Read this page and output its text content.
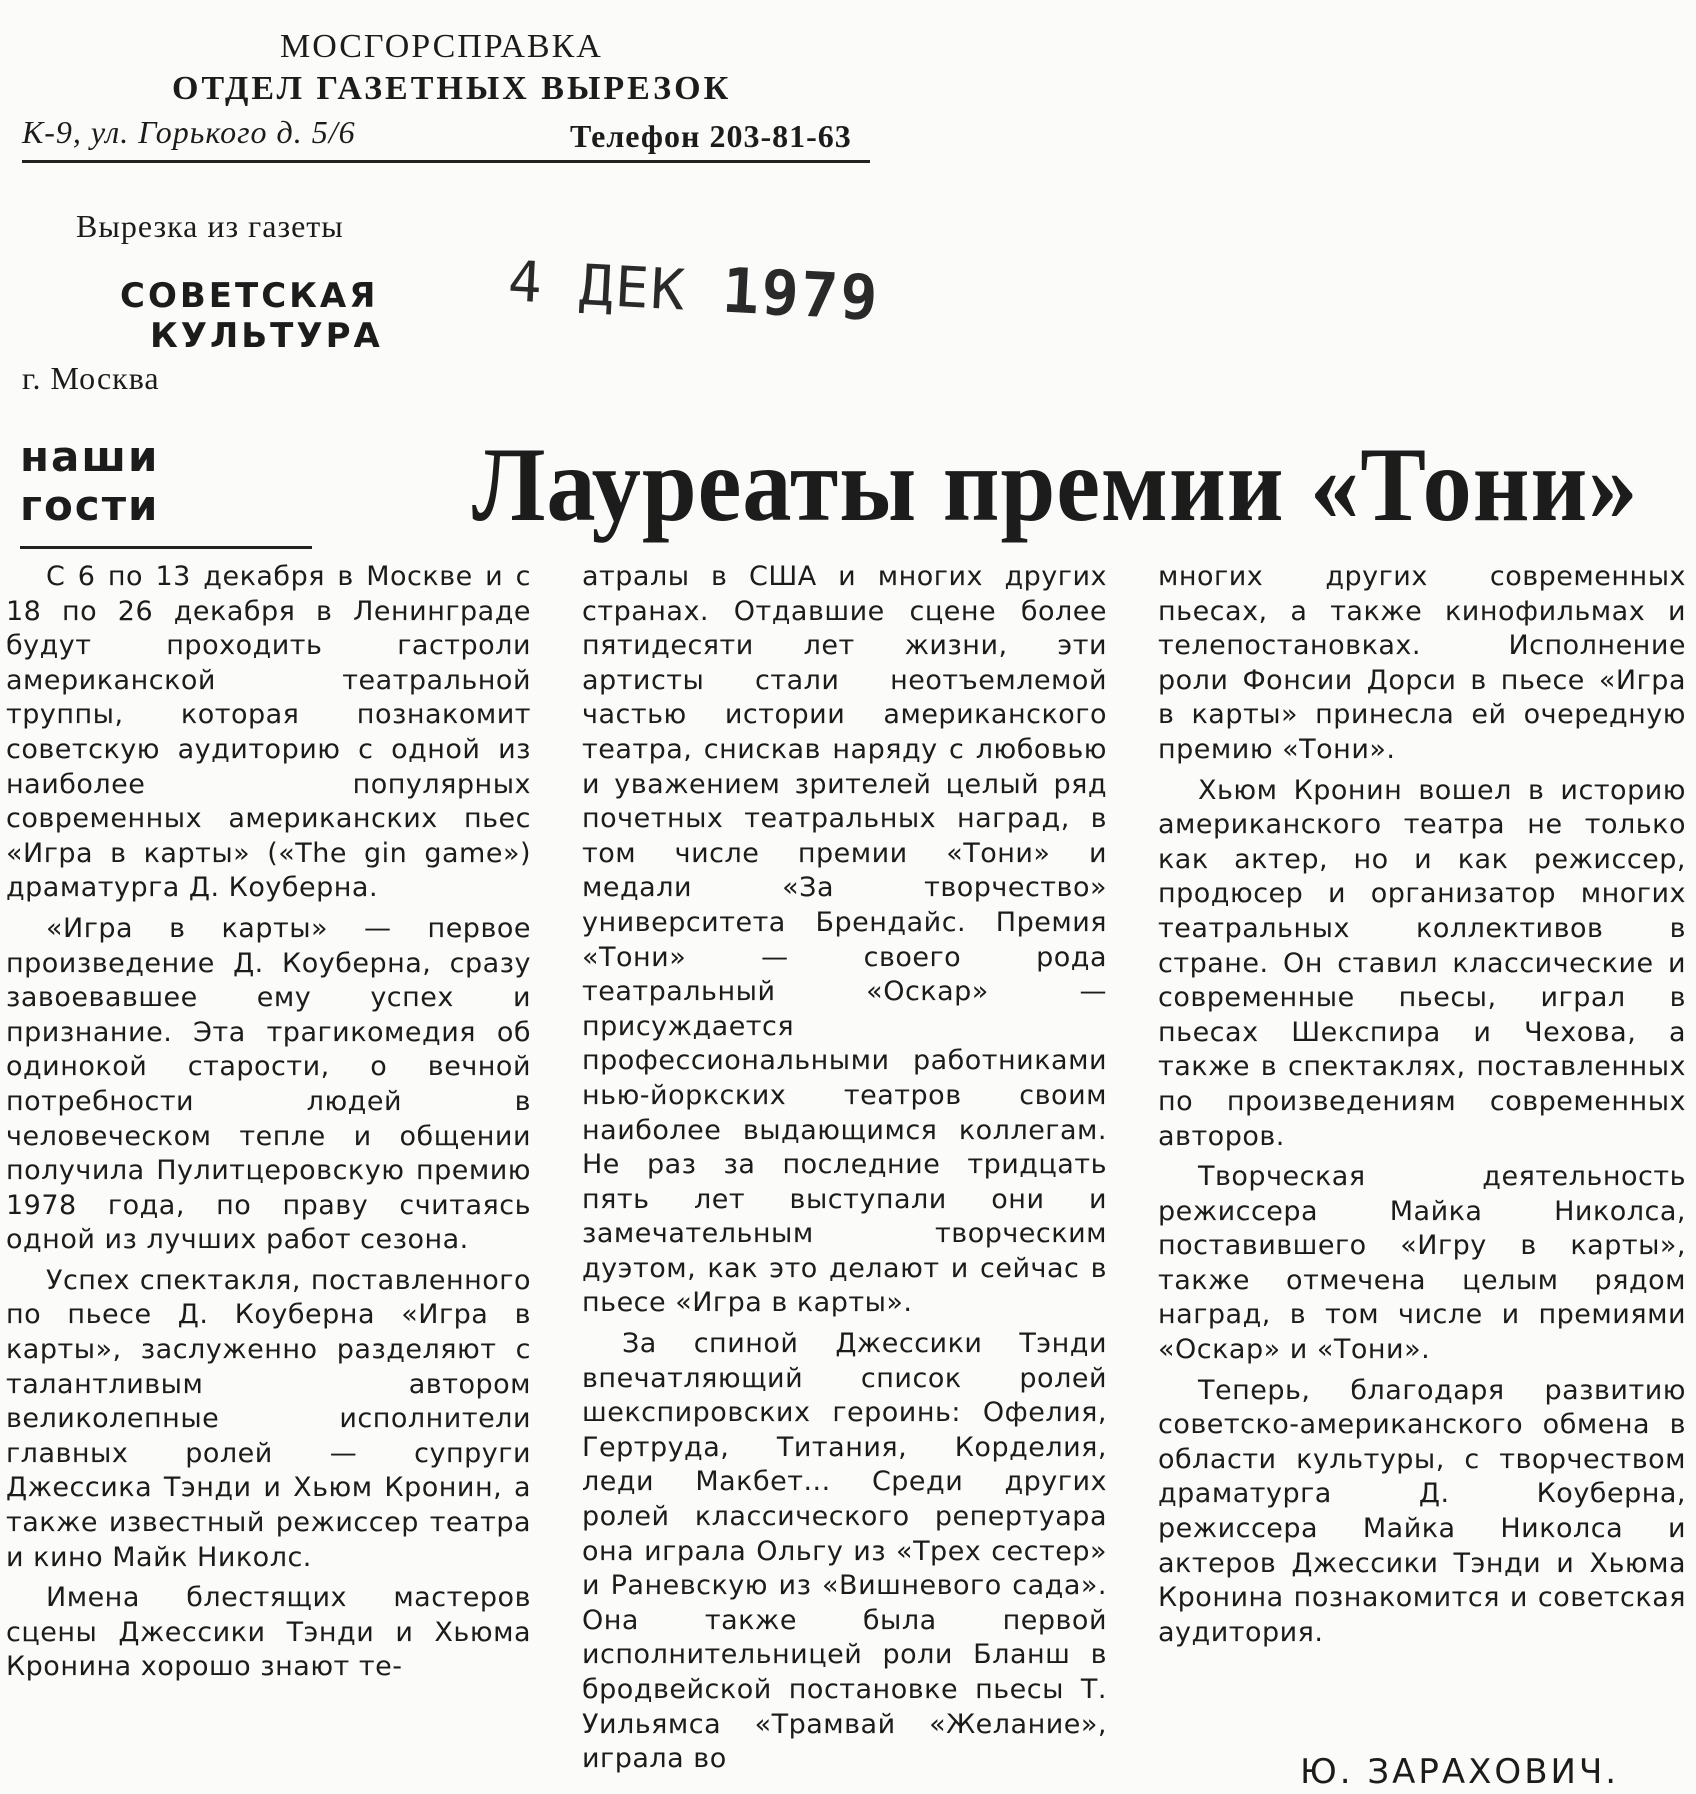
МОСГОРСПРАВКА
ОТДЕЛ ГАЗЕТНЫХ ВЫРЕЗОК
К-9, ул. Горького д. 5/6	Телефон 203-81-63
Вырезка из газеты
СОВЕТСКАЯ
КУЛЬТУРА
г. Москва
4 ДЕК 1979
наши гости	Лауреаты премии «Тони»

С 6 по 13 декабря в Москве и с 18 по 26 декабря в Ленинграде будут проходить гастроли американской театральной труппы, которая познакомит советскую аудиторию с одной из наиболее популярных современных американских пьес «Игра в карты» («The gin game») драматурга Д. Коуберна.

«Игра в карты» — первое произведение Д. Коуберна, сразу завоевавшее ему успех и признание. Эта трагикомедия об одинокой старости, о вечной потребности людей в человеческом тепле и общении получила Пулитцеровскую премию 1978 года, по праву считаясь одной из лучших работ сезона.

Успех спектакля, поставленного по пьесе Д. Коуберна «Игра в карты», заслуженно разделяют с талантливым автором великолепные исполнители главных ролей — супруги Джессика Тэнди и Хьюм Кронин, а также известный режиссер театра и кино Майк Николс.

Имена блестящих мастеров сцены Джессики Тэнди и Хьюма Кронина хорошо знают те-

атралы в США и многих других странах. Отдавшие сцене более пятидесяти лет жизни, эти артисты стали неотъемлемой частью истории американского театра, снискав наряду с любовью и уважением зрителей целый ряд почетных театральных наград, в том числе премии «Тони» и медали «За творчество» университета Брендайс. Премия «Тони» — своего рода театральный «Оскар» — присуждается профессиональными работниками нью-йоркских театров своим наиболее выдающимся коллегам. Не раз за последние тридцать пять лет выступали они и замечательным творческим дуэтом, как это делают и сейчас в пьесе «Игра в карты».

За спиной Джессики Тэнди впечатляющий список ролей шекспировских героинь: Офелия, Гертруда, Титания, Корделия, леди Макбет... Среди других ролей классического репертуара она играла Ольгу из «Трех сестер» и Раневскую из «Вишневого сада». Она также была первой исполнительницей роли Бланш в бродвейской постановке пьесы Т. Уильямса «Трамвай «Желание», играла во

многих других современных пьесах, а также кинофильмах и телепостановках. Исполнение роли Фонсии Дорси в пьесе «Игра в карты» принесла ей очередную премию «Тони».

Хьюм Кронин вошел в историю американского театра не только как актер, но и как режиссер, продюсер и организатор многих театральных коллективов в стране. Он ставил классические и современные пьесы, играл в пьесах Шекспира и Чехова, а также в спектаклях, поставленных по произведениям современных авторов.

Творческая деятельность режиссера Майка Николса, поставившего «Игру в карты», также отмечена целым рядом наград, в том числе и премиями «Оскар» и «Тони».

Теперь, благодаря развитию советско-американского обмена в области культуры, с творчеством драматурга Д. Коуберна, режиссера Майка Николса и актеров Джессики Тэнди и Хьюма Кронина познакомится и советская аудитория.

Ю. ЗАРАХОВИЧ.
